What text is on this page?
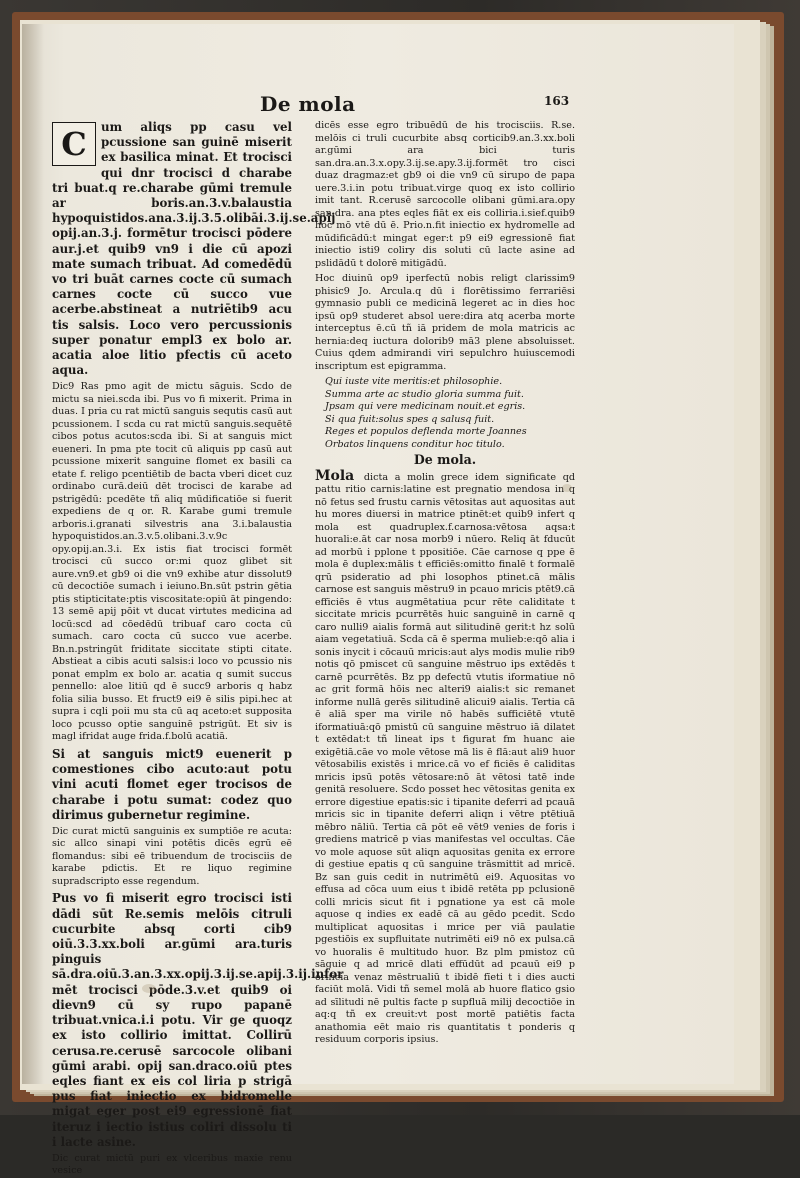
De mola	163

C	um aliqs pp casu vel pcussione san guinē miserit ex basilica minat. Et trocisci qui dnr trocisci d charabe tri buat.q re.charabe gūmi tremule ar boris.an.3.v.balaustia hypoquistidos.ana.3.ij.3.5.olibāi.3.ij.se.apij opij.an.3.j. formētur trocisci pōdere aur.j.et quib9 vn9 i die cū apozi mate sumach tribuat. Ad comedēdū vo tri buāt carnes cocte cū sumach carnes cocte cū succo vue acerbe.abstineat a nutriētib9 acu tis salsis. Loco vero percussionis super ponatur empl3 ex bolo ar. acatia aloe litio pfectis cū aceto aqua.

Dic9 Ras pmo agit de mictu sāguis. Scdo de mictu sa niei.scda ibi. Pus vo fi mixerit. Prima in duas. I pria cu rat mictū sanguis sequtis casū aut pcussionem. I scda cu rat mictū sanguis.sequētē cibos potus acutos:scda ibi. Si at sanguis mict eueneri. In pma pte tocit cū aliquis pp casū aut pcussione mixerit sanguine flomet ex basili ca etate f. religo pcentiētib de bacta vberi dicet cuz ordinabo curā.deiū dēt trocisci de karabe ad pstrigēdū: pcedēte tñ aliq mūdificatiōe si fuerit expediens de q or. R. Karabe gumi tremule arboris.i.granati silvestris ana 3.i.balaustia hypoquistidos.an.3.v.5.olibani.3.v.9c opy.opij.an.3.i. Ex istis fiat trocisci formēt trocisci cū succo or:mi quoz glibet sit aure.vn9.et gb9 oi die vn9 exhibe atur dissolut9 cū decoctiōe sumach i ieiuno.Bn.sūt pstrin gētia ptis stipticitate:ptis viscositate:opiū āt pingendo: 13 semē apij pōit vt ducat virtutes medicina ad locū:scd ad cōedēdū tribuaf caro cocta cū sumach. caro cocta cū succo vue acerbe. Bn.n.pstringūt friditate siccitate stipti citate. Abstieat a cibis acuti salsis:i loco vo pcussio nis ponat emplm ex bolo ar. acatia q sumit succus pennello: aloe litiū qd ē succ9 arboris q habz folia silia busso. Et fruct9 ei9 ē silis pipi.hec at supra i cqli poii mu sta cū aq aceto:et supposita loco pcusso optie sanguinē pstrigūt. Et siv is magl ifridat auge frida.f.bolū acatiā.

Si at sanguis mict9 euenerit p comestiones cibo acuto:aut potu vini acuti flomet eger trocisos de charabe i potu sumat: codez quo dirimus gubernetur regimine.

Dic curat mictū sanguinis ex sumptiōe re acuta: sic allco sinapi vini potētis dicēs egrū eē flomandus: sibi eē tribuendum de trocisciis de karabe pdictis. Et re liquo regimine supradscripto esse regendum.

Pus vo fi miserit egro trocisci isti dādi sūt Re.semis melōis citruli cucurbite absq corti cib9 oiū.3.3.xx.boli ar.gūmi ara.turis pinguis sā.dra.oiū.3.an.3.xx.opij.3.ij.se.apij.3.ij.infor mēt trocisci pōde.3.v.et quib9 oi dievn9 cū sy rupo papanē tribuat.vnica.i.i potu. Vir ge quoqz ex isto collirio imittat. Collirū cerusa.re.cerusē sarcocole olibani gūmi arabi. opij san.draco.oiū ptes eqles fiant ex eis col liria p strigā pus fiat iniectio ex bidromelle migat eger post ei9 egressionē fiat iteruz i iectio istius coliri dissolu ti i lacte asine.

Dic curat mictū puri ex vlceribus maxie renu vesice

dicēs esse egro tribuēdū de his trocisciis. R.se. melōis ci truli cucurbite absq corticib9.an.3.xx.boli ar.gūmi ara bici turis san.dra.an.3.x.opy.3.ij.se.apy.3.ij.formēt tro cisci duaz dragmaz:et gb9 oi die vn9 cū sirupo de papa uere.3.i.in potu tribuat.virge quoq ex isto collirio imit tant. R.cerusē sarcocolle olibani gūmi.ara.opy san.dra. ana ptes eqles fiāt ex eis colliria.i.sief.quib9 hoc mō vtē dū ē. Prio.n.fit iniectio ex hydromelle ad mūdificādū:t mingat eger:t p9 ei9 egressionē fiat iniectio isti9 coliry dis soluti cū lacte asine ad pslidādū t dolorē mitigādū.

Hoc diuinū op9 iperfectū nobis religt clarissim9 phisic9 Jo. Arcula.q dū i florētissimo ferrariēsi gymnasio publi ce medicinā legeret ac in dies hoc ipsū op9 studeret absol uere:dira atq acerba morte interceptus ē.cū tñ iā pridem de mola matricis ac hernia:deq iuctura dolorib9 mā3 plene absoluisset. Cuius qdem admirandi viri sepulchro huiuscemodi inscriptum est epigramma.

Qui iuste vite meritis:et philosophie.
Summa arte ac studio gloria summa fuit.
Jpsam qui vere medicinam nouit.et egris.
Si qua fuit:solus spes q salusq fuit.
Reges et populos deflenda morte Joannes
Orbatos linquens conditur hoc titulo.
De mola.

Mola dicta a molin grece idem significate qd pattu ritio carnis:latine est pregnatio mendosa in q nō fetus sed frustu carnis vētositas aut aquositas aut hu mores diuersi in matrice ptinēt:et quib9 infert q mola est quadruplex.f.carnosa:vētosa aqsa:t huorali:e.āt car nosa morb9 i nūero. Reliq āt fducūt ad morbū i pplone t ppositiōe. Cāe carnose q ppe ē mola ē duplex:mālis t efficiēs:omitto finalē t formalē qrū psideratio ad phi losophos ptinet.cā mālis carnose est sanguis mēstru9 in pcauo mricis ptēt9.cā efficiēs ē vtus augmētatiua pcur rēte caliditate t siccitate mricis pcurrētēs huic sanguinē in carnē q caro nulli9 aialis formā aut silitudinē gerit:t hz solū aiam vegetatiuā. Scda cā ē sperma mulieb:e:qō alia i sonis inycit i cōcauū mricis:aut alys modis mulie rib9 notis qō pmiscet cū sanguine mēstruo ips extēdēs t carnē pcurrētēs. Bz pp defectū vtutis iformatiue nō ac grit formā hōis nec alteri9 aialis:t sic remanet informe nullā gerēs silitudinē alicui9 aialis. Tertia cā ē aliā sper ma virile nō habēs sufficiētē vtutē iformatiuā:qō pmistū cū sanguine mēstruo iā dilatet t extēdat:t tñ lineat ips t figurat fm huanc aie exigētiā.cāe vo mole vētose mā lis ē flā:aut ali9 huor vētosabilis existēs i mrice.cā vo ef ficiēs ē caliditas mricis ipsū potēs vētosare:nō āt vētosi tatē inde genitā resoluere. Scdo posset hec vētositas genita ex errore digestiue epatis:sic i tipanite deferri ad pcauā mricis sic in tipanite deferri aliqn i vētre ptētiuā mēbro nāliū. Tertia cā pōt eē vēt9 venies de foris i grediens matricē p vias manifestas vel occultas. Cāe vo mole aquose sūt aliqn aquositas genita ex errore di gestiue epatis q cū sanguine trāsmittit ad mricē. Bz san guis cedit in nutrimētū ei9. Aquositas vo effusa ad cōca uum eius t ibidē retēta pp pclusionē colli mricis sicut fit i pgnatione ya est cā mole aquose q indies ex eadē cā au gēdo pcedit. Scdo multiplicat aquositas i mrice per viā paulatie pgestiōis ex supfluitate nutrimēti ei9 nō ex pulsa.cā vo huoralis ē multitudo huor. Bz plm pmistoz cū sāguie q ad mricē dlati effūdūt ad pcauū ei9 p orificia venaz mēstrualiū t ibidē fīeti t i dies aucti faciūt molā. Vidi tñ semel molā ab huore flatico gsio ad sīlitudi nē pultis facte p supfluā milij decoctiōe in aq:q tñ ex creuit:vt post mortē patiētis facta anathomia eēt maio ris quantitatis t ponderis q residuum corporis ipsius.
